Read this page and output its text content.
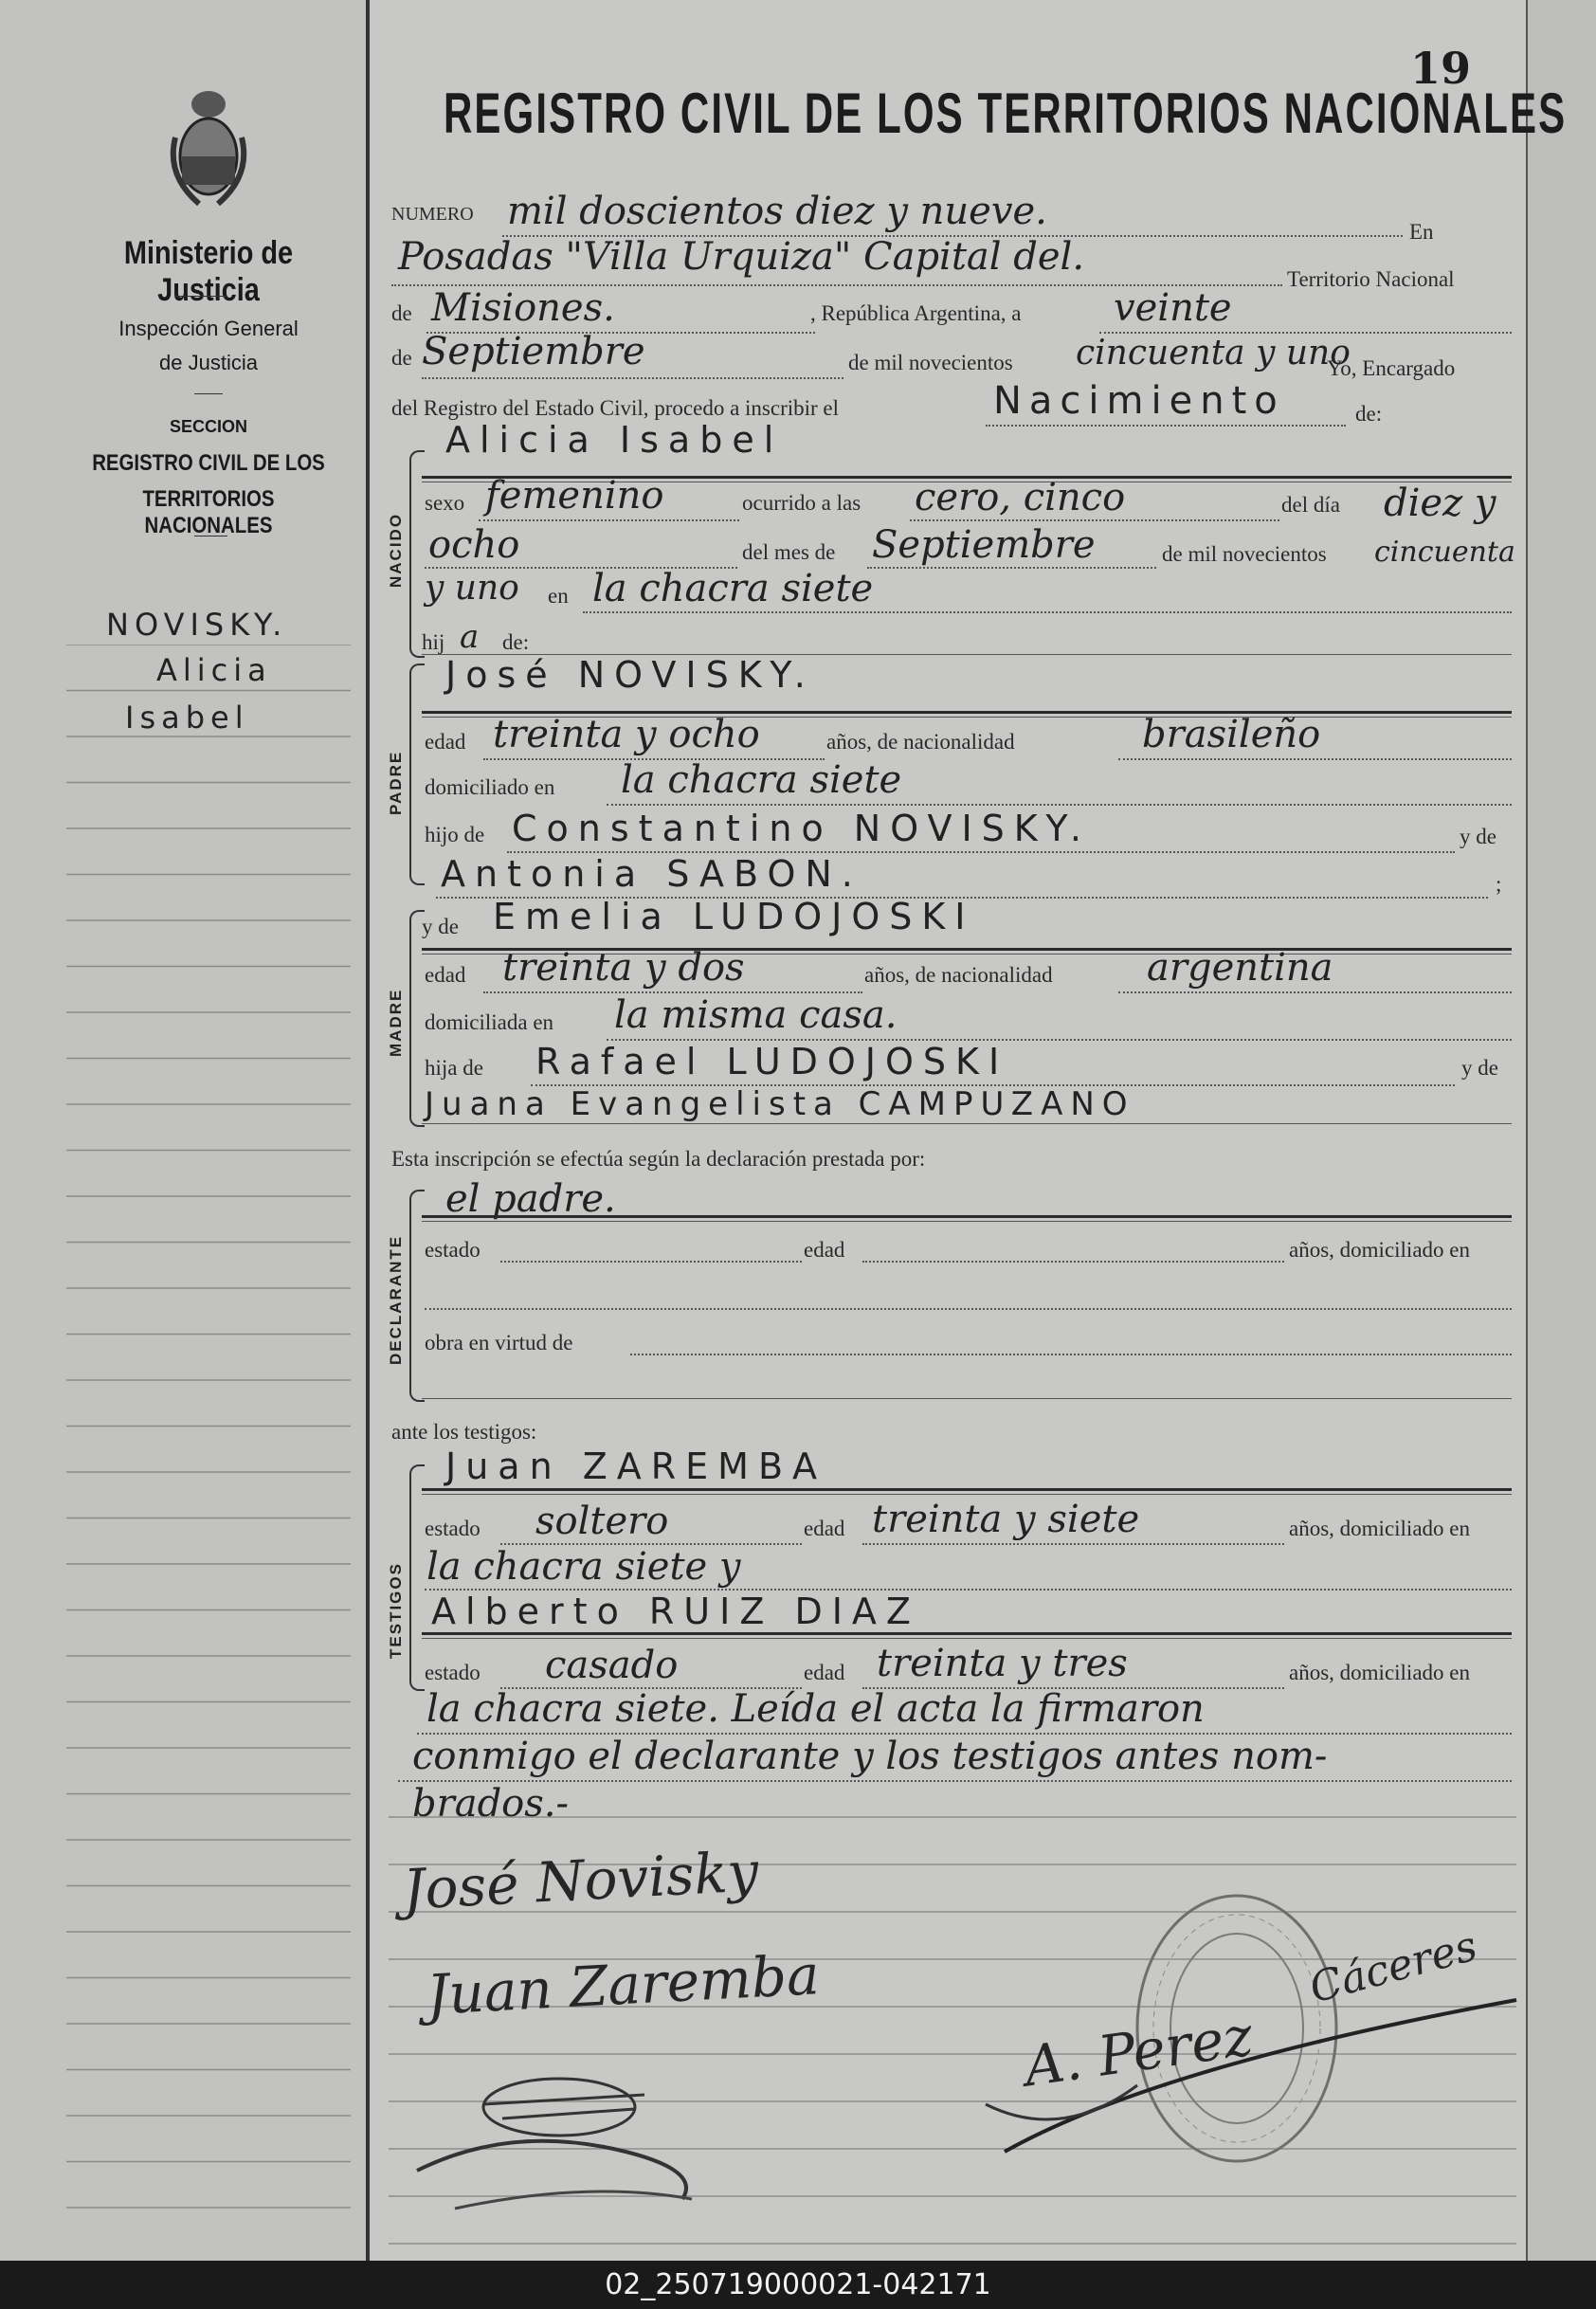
Ministerio de Justicia
Inspección General
de Justicia
SECCION
REGISTRO CIVIL DE LOS
TERRITORIOS NACIONALES
NOVISKY.
Alicia
Isabel
19
REGISTRO CIVIL DE LOS TERRITORIOS NACIONALES
NUMERO mil doscientos diez y nueve.	En
Posadas "Villa Urquiza" Capital del.
Territorio Nacional
de Misiones.	, República Argentina, a veinte
de Septiembre	de mil novecientos cincuenta y uno
Yo, Encargado
del Registro del Estado Civil, procedo a inscribir el	Nacimiento	de:
NACIDO
Alicia Isabel
sexo femenino	ocurrido a las cero, cinco	del día diez y
ocho	del mes de Septiembre	de mil novecientos cincuenta
y uno en la chacra siete
hij a de:
PADRE
José NOVISKY.
edad treinta y ocho	años, de nacionalidad	brasileño
domiciliado en la chacra siete
hijo de Constantino NOVISKY.	y de
Antonia SABON.	;
MADRE
y de Emelia LUDOJOSKI
edad treinta y dos	años, de nacionalidad argentina
domiciliada en la misma casa.
hija de Rafael LUDOJOSKI	y de
Juana Evangelista CAMPUZANO
Esta inscripción se efectúa según la declaración prestada por:
DECLARANTE
el padre.
estado	edad	años, domiciliado en
obra en virtud de
ante los testigos:
TESTIGOS
Juan ZAREMBA
estado soltero	edad treinta y siete	años, domiciliado en
la chacra siete y
Alberto RUIZ DIAZ
estado casado	edad treinta y tres	años, domiciliado en
la chacra siete. Leída el acta la firmaron
conmigo el declarante y los testigos antes nom-
brados.-
José Novisky
Juan Zaremba
A. Perez
Cáceres
02_250719000021-042171
